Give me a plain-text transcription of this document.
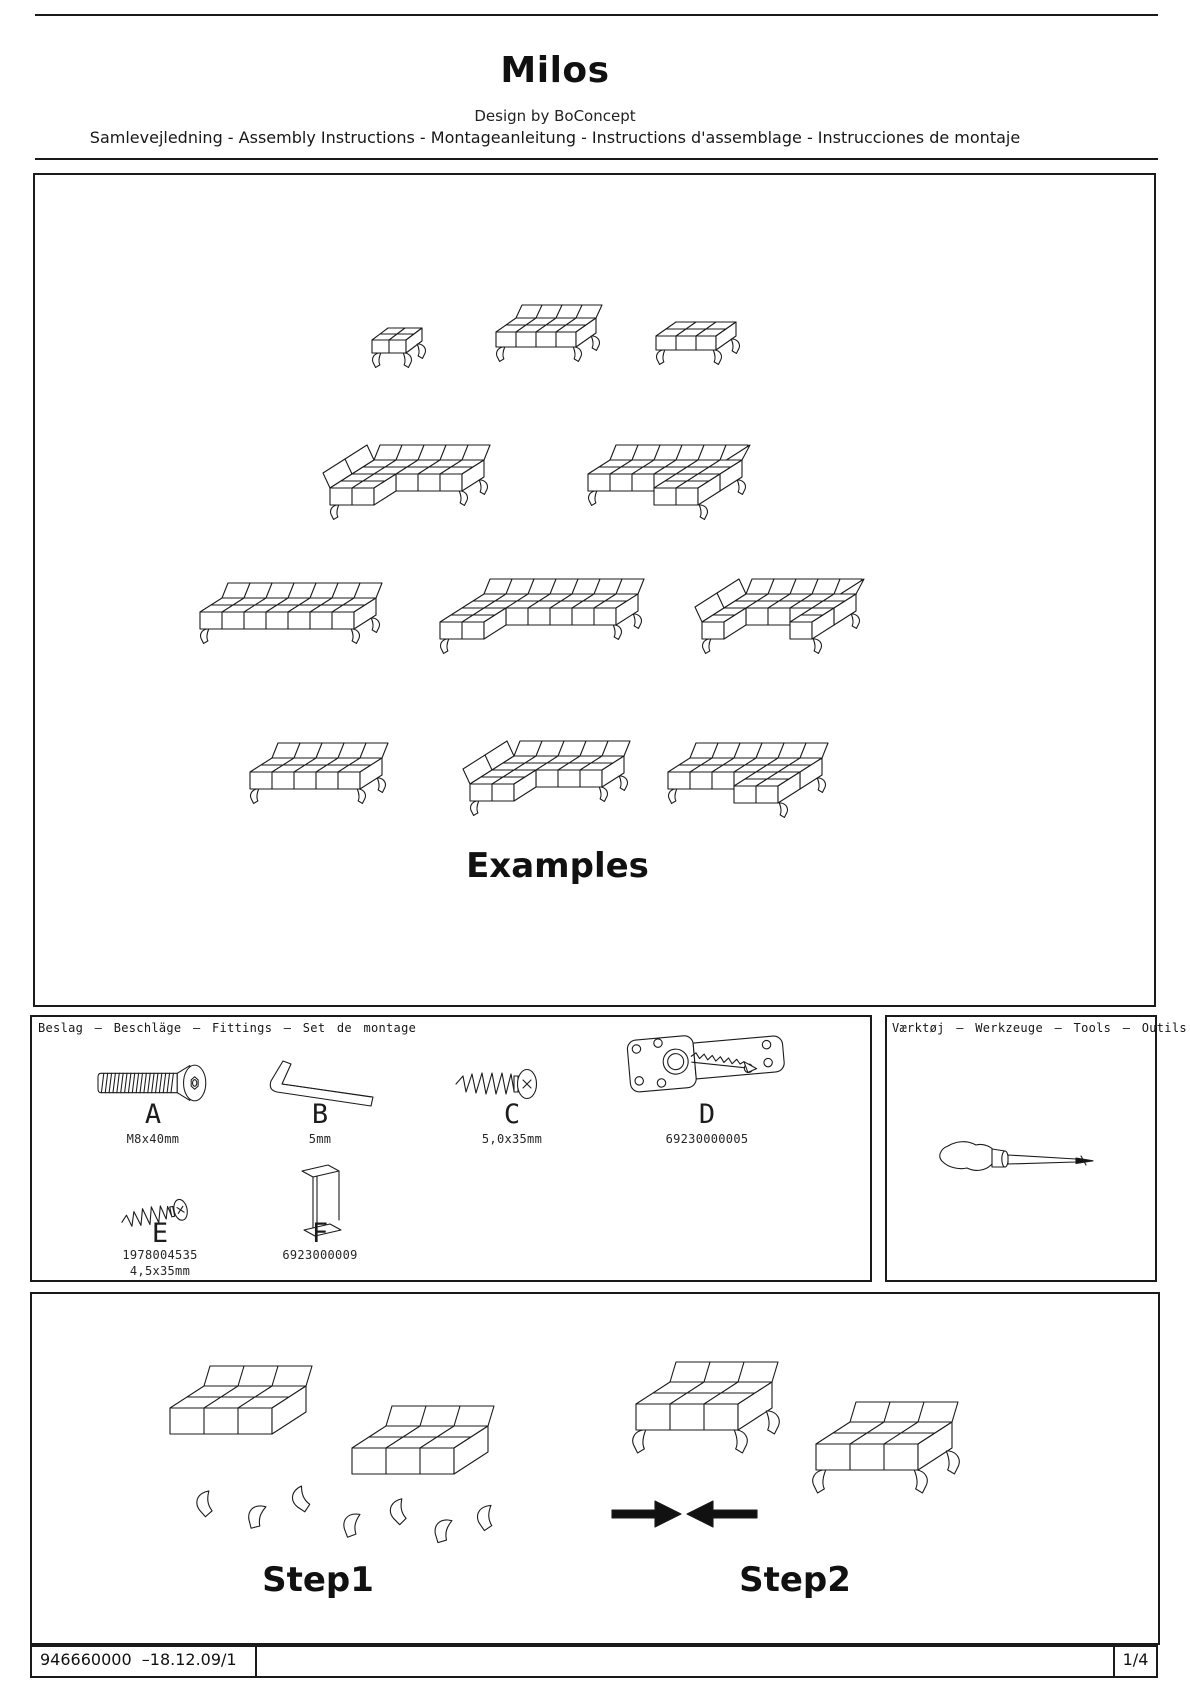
Milos
Design by BoConcept
Samlevejledning - Assembly Instructions - Montageanleitung - Instructions d'assemblage - Instrucciones de montaje
Examples
Beslag – Beschläge – Fittings – Set de montage
A
M8x40mm
B
5mm
C
5,0x35mm
D
69230000005
E
1978004535
4,5x35mm
F
6923000009
Værktøj – Werkzeuge – Tools – Outils
Step1	Step2
946660000  –18.12.09/1	1/4
